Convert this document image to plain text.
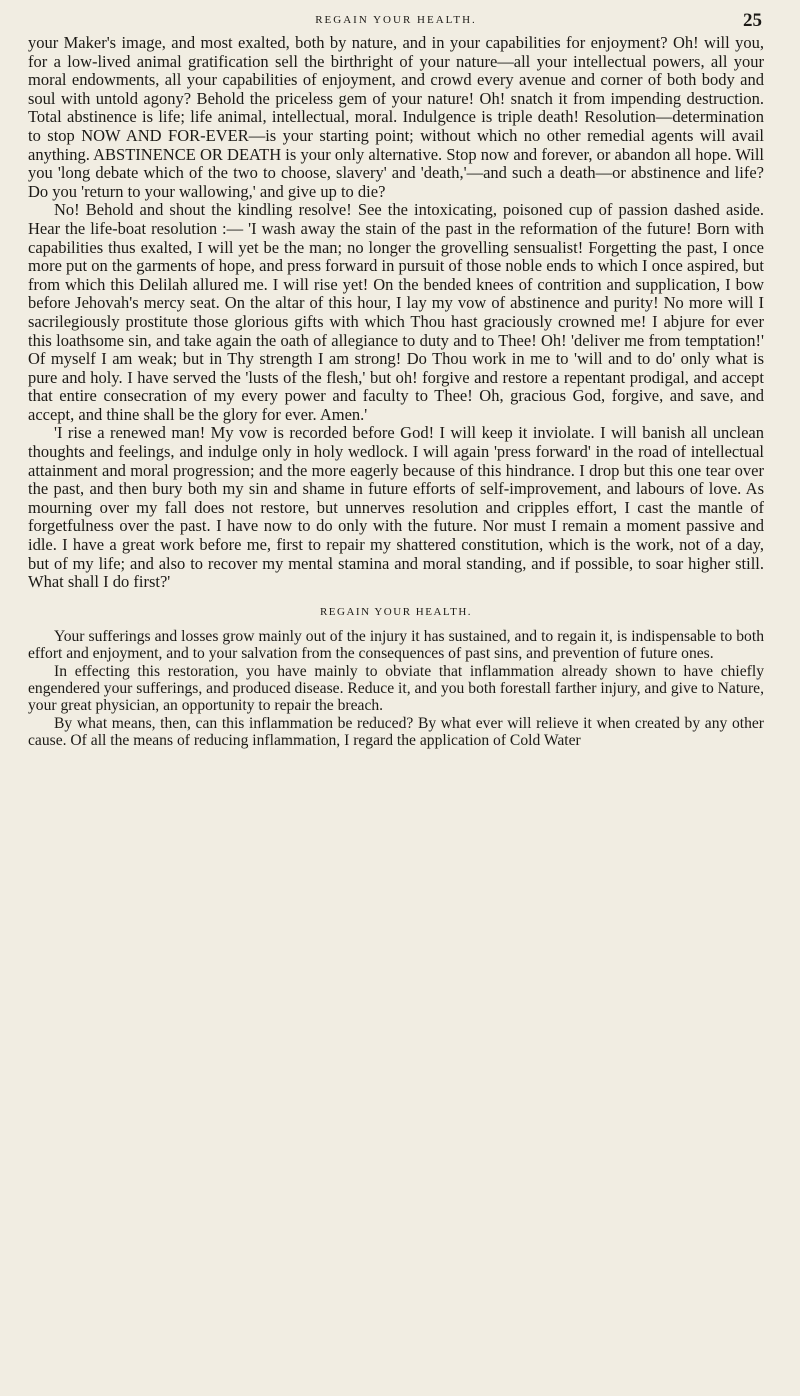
REGAIN YOUR HEALTH.	25

your Maker's image, and most exalted, both by nature, and in your capabilities for enjoyment? Oh! will you, for a low-lived animal gratification sell the birthright of your nature—all your intellectual powers, all your moral endowments, all your capabilities of enjoyment, and crowd every avenue and corner of both body and soul with untold agony? Behold the priceless gem of your nature! Oh! snatch it from impending destruction. Total abstinence is life; life animal, intellectual, moral. Indulgence is triple death! Resolution—determination to stop NOW AND FOR-EVER—is your starting point; without which no other remedial agents will avail anything. ABSTINENCE OR DEATH is your only alternative. Stop now and forever, or abandon all hope. Will you 'long debate which of the two to choose, slavery' and 'death,'—and such a death—or abstinence and life? Do you 'return to your wallowing,' and give up to die?

No! Behold and shout the kindling resolve! See the intoxicating, poisoned cup of passion dashed aside. Hear the life-boat resolution :— 'I wash away the stain of the past in the reformation of the future! Born with capabilities thus exalted, I will yet be the man; no longer the grovelling sensualist! Forgetting the past, I once more put on the garments of hope, and press forward in pursuit of those noble ends to which I once aspired, but from which this Delilah allured me. I will rise yet! On the bended knees of contrition and supplication, I bow before Jehovah's mercy seat. On the altar of this hour, I lay my vow of abstinence and purity! No more will I sacrilegiously prostitute those glorious gifts with which Thou hast graciously crowned me! I abjure for ever this loathsome sin, and take again the oath of allegiance to duty and to Thee! Oh! 'deliver me from temptation!' Of myself I am weak; but in Thy strength I am strong! Do Thou work in me to 'will and to do' only what is pure and holy. I have served the 'lusts of the flesh,' but oh! forgive and restore a repentant prodigal, and accept that entire consecration of my every power and faculty to Thee! Oh, gracious God, forgive, and save, and accept, and thine shall be the glory for ever. Amen.'

'I rise a renewed man! My vow is recorded before God! I will keep it inviolate. I will banish all unclean thoughts and feelings, and indulge only in holy wedlock. I will again 'press forward' in the road of intellectual attainment and moral progression; and the more eagerly because of this hindrance. I drop but this one tear over the past, and then bury both my sin and shame in future efforts of self-improvement, and labours of love. As mourning over my fall does not restore, but unnerves resolution and cripples effort, I cast the mantle of forgetfulness over the past. I have now to do only with the future. Nor must I remain a moment passive and idle. I have a great work before me, first to repair my shattered constitution, which is the work, not of a day, but of my life; and also to recover my mental stamina and moral standing, and if possible, to soar higher still. What shall I do first?'

REGAIN YOUR HEALTH.

Your sufferings and losses grow mainly out of the injury it has sustained, and to regain it, is indispensable to both effort and enjoyment, and to your salvation from the consequences of past sins, and prevention of future ones.

In effecting this restoration, you have mainly to obviate that inflammation already shown to have chiefly engendered your sufferings, and produced disease. Reduce it, and you both forestall farther injury, and give to Nature, your great physician, an opportunity to repair the breach.

By what means, then, can this inflammation be reduced? By what ever will relieve it when created by any other cause. Of all the means of reducing inflammation, I regard the application of Cold Water
